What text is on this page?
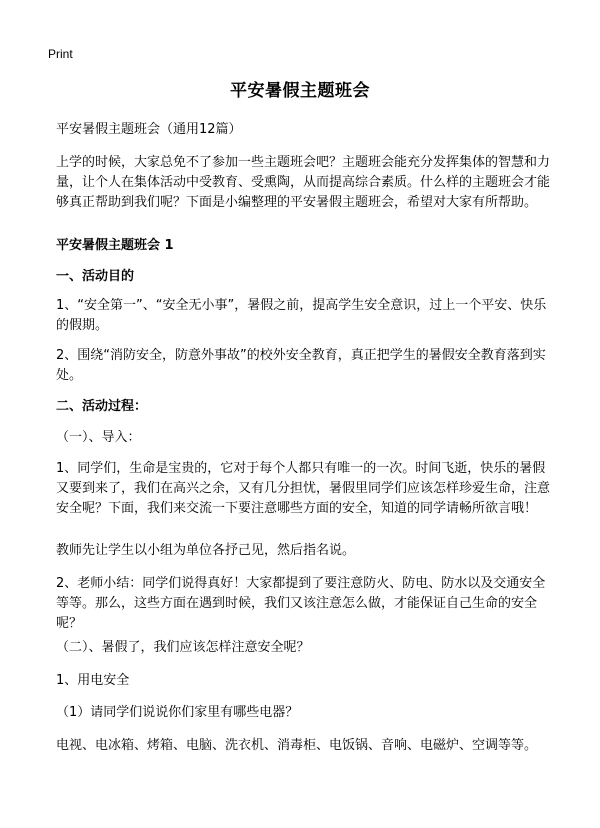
Print
平安暑假主题班会

平安暑假主题班会（通用12篇）

上学的时候，大家总免不了参加一些主题班会吧？主题班会能充分发挥集体的智慧和力量，让个人在集体活动中受教育、受熏陶，从而提高综合素质。什么样的主题班会才能够真正帮助到我们呢？下面是小编整理的平安暑假主题班会，希望对大家有所帮助。

平安暑假主题班会 1

一、活动目的

1、“安全第一”、“安全无小事”，暑假之前，提高学生安全意识，过上一个平安、快乐的假期。

2、围绕“消防安全，防意外事故”的校外安全教育，真正把学生的暑假安全教育落到实处。

二、活动过程：

（一）、导入：

1、同学们，生命是宝贵的，它对于每个人都只有唯一的一次。时间飞逝，快乐的暑假又要到来了，我们在高兴之余，又有几分担忧，暑假里同学们应该怎样珍爱生命，注意安全呢？下面，我们来交流一下要注意哪些方面的安全，知道的同学请畅所欲言哦！

教师先让学生以小组为单位各抒己见，然后指名说。

2、老师小结：同学们说得真好！大家都提到了要注意防火、防电、防水以及交通安全等等。那么，这些方面在遇到时候，我们又该注意怎么做，才能保证自己生命的安全呢？

（二）、暑假了，我们应该怎样注意安全呢？

1、用电安全

（1）请同学们说说你们家里有哪些电器？

电视、电冰箱、烤箱、电脑、洗衣机、消毒柜、电饭锅、音响、电磁炉、空调等等。
